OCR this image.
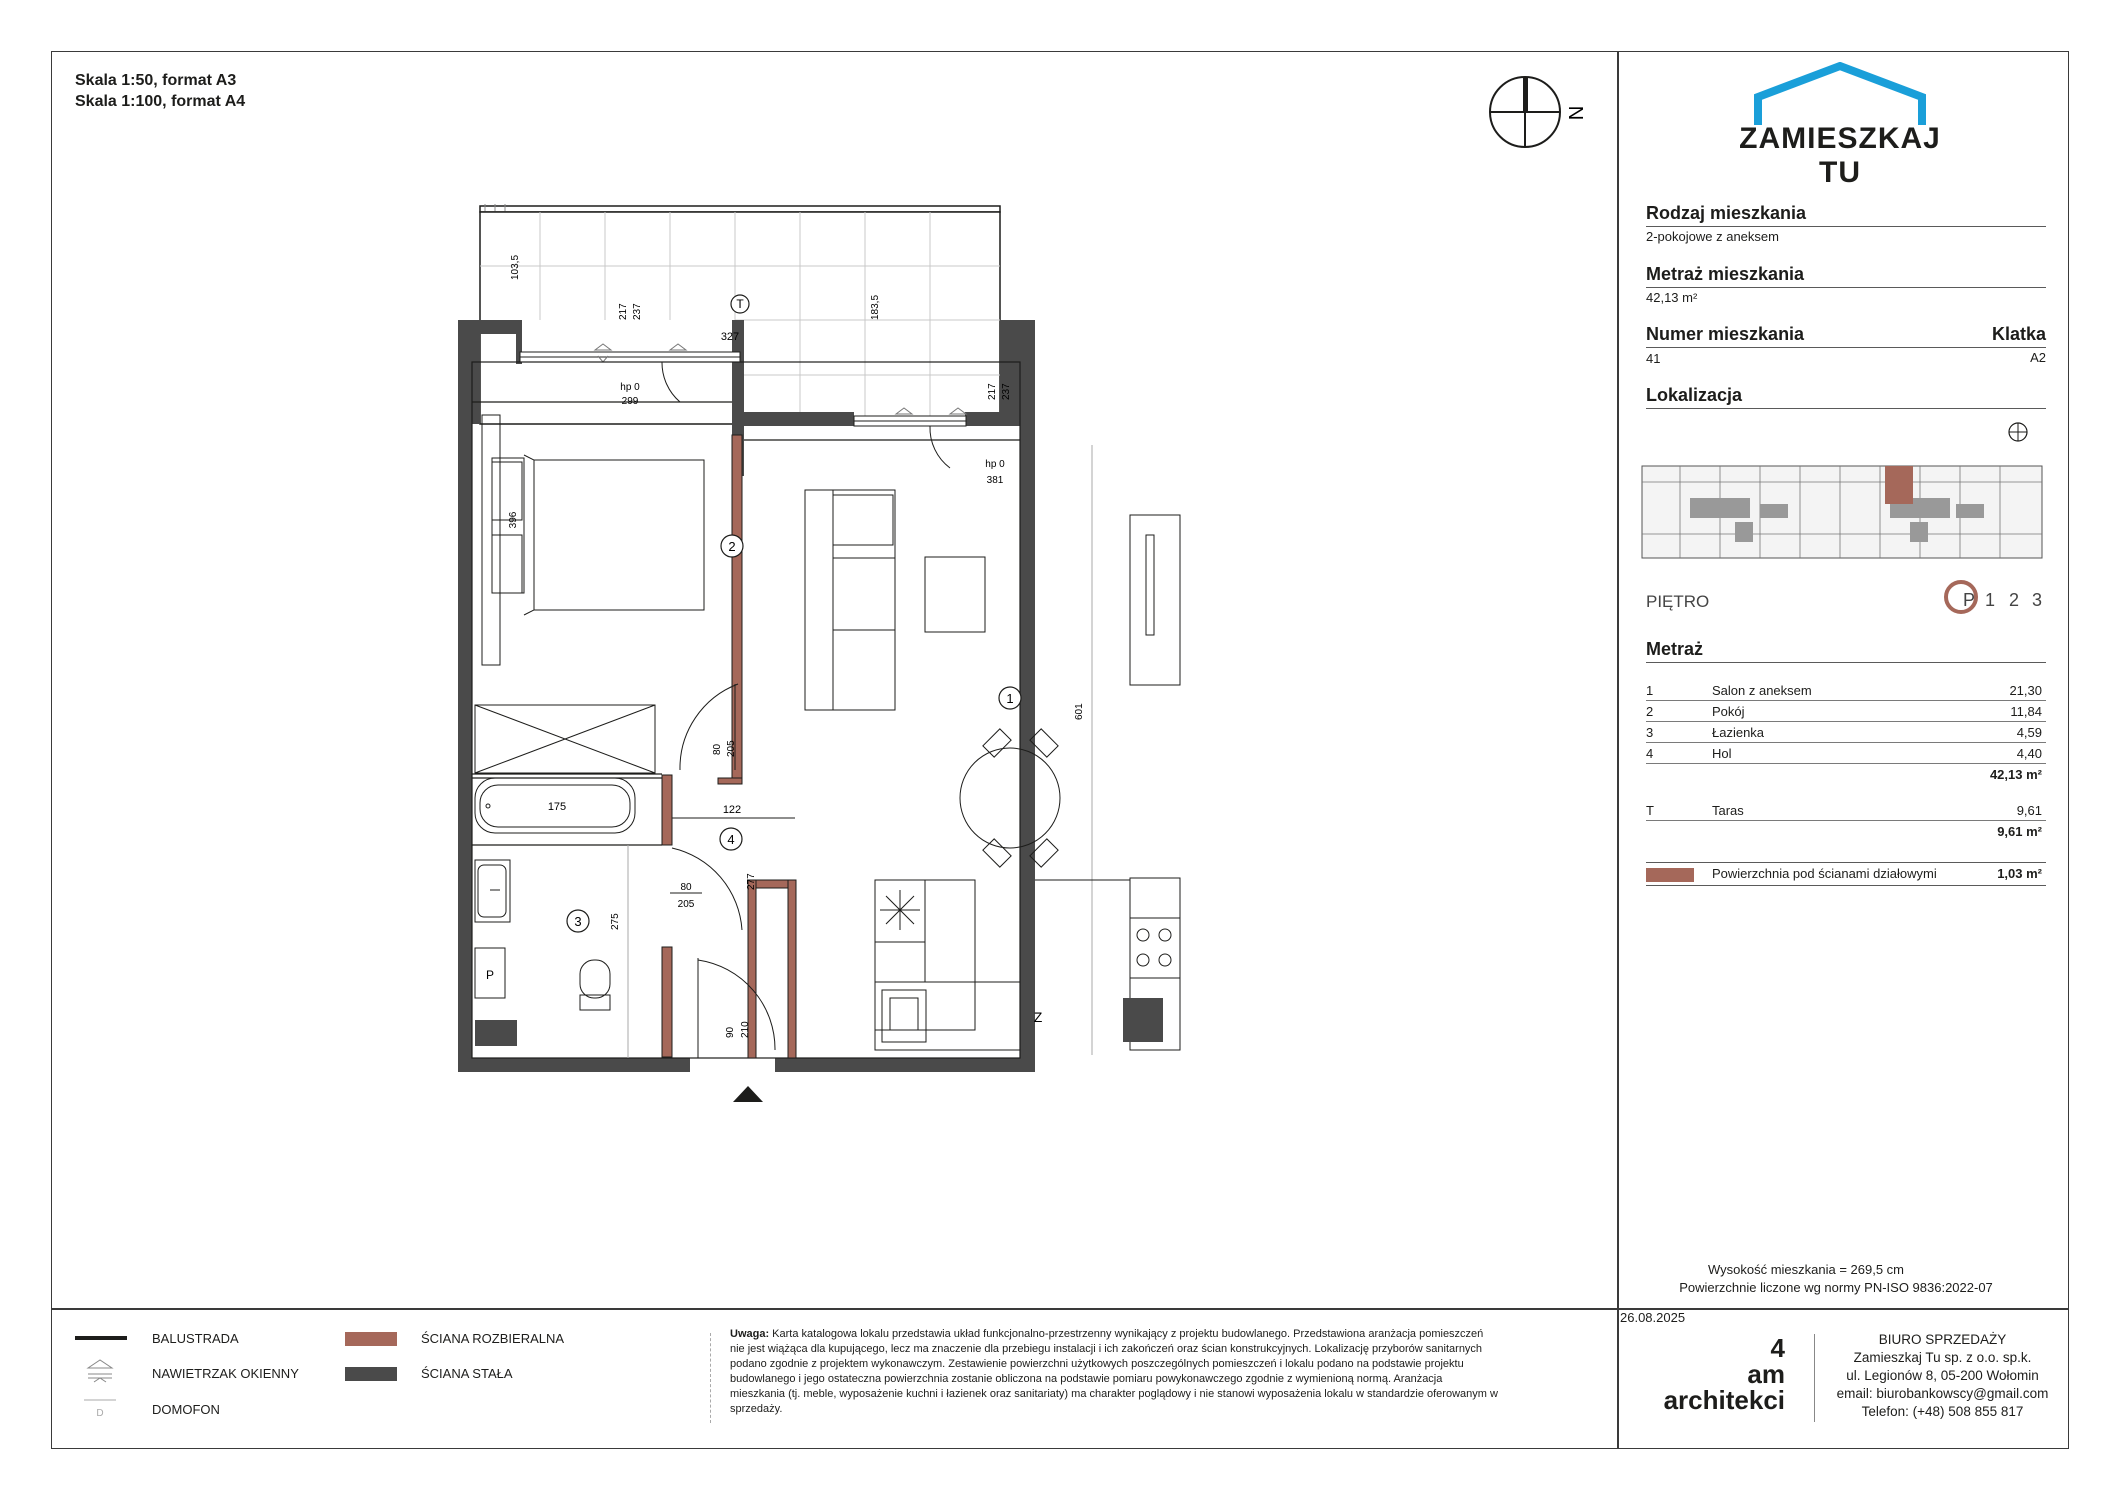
Skala 1:50, format A3
Skala 1:100, format A4
N
T
2
396
80 205
175
P
3	275
4
122
80
205
277
90 210
1
601
Z
103,5
217 237
327
183,5
hp 0
299
217 237
hp 0
381
ZAMIESZKAJ TU
Rodzaj mieszkania
2-pokojowe z aneksem
Metraż mieszkania
42,13 m²
Numer mieszkania	Klatka
41	A2
Lokalizacja
PIĘTRO	P 1 2 3
Metraż
1	Salon z aneksem	21,30
2	Pokój	11,84
3	Łazienka	4,59
4	Hol	4,40
42,13 m²
T	Taras	9,61
9,61 m²
Powierzchnia pod ścianami działowymi	1,03 m²
Wysokość mieszkania = 269,5 cm
Powierzchnie liczone wg normy PN-ISO 9836:2022-07
BALUSTRADA
NAWIETRZAK OKIENNY
D	DOMOFON
ŚCIANA ROZBIERALNA
ŚCIANA STAŁA
Uwaga: Karta katalogowa lokalu przedstawia układ funkcjonalno-przestrzenny wynikający z projektu budowlanego. Przedstawiona aranżacja pomieszczeń
nie jest wiążąca dla kupującego, lecz ma znaczenie dla przebiegu instalacji i ich zakończeń oraz ścian konstrukcyjnych. Lokalizację przyborów sanitarnych
podano zgodnie z projektem wykonawczym. Zestawienie powierzchni użytkowych poszczególnych pomieszczeń i lokalu podano na podstawie projektu
budowlanego i jego ostateczna powierzchnia zostanie obliczona na podstawie pomiaru powykonawczego zgodnie z wymienioną normą. Aranżacja
mieszkania (tj. meble, wyposażenie kuchni i łazienek oraz sanitariaty) ma charakter poglądowy i nie stanowi wyposażenia lokalu w standardzie oferowanym w
sprzedaży.
26.08.2025
4
am
architekci
BIURO SPRZEDAŻY
Zamieszkaj Tu sp. z o.o. sp.k.
ul. Legionów 8, 05-200 Wołomin
email: biurobankowscy@gmail.com
Telefon: (+48) 508 855 817
